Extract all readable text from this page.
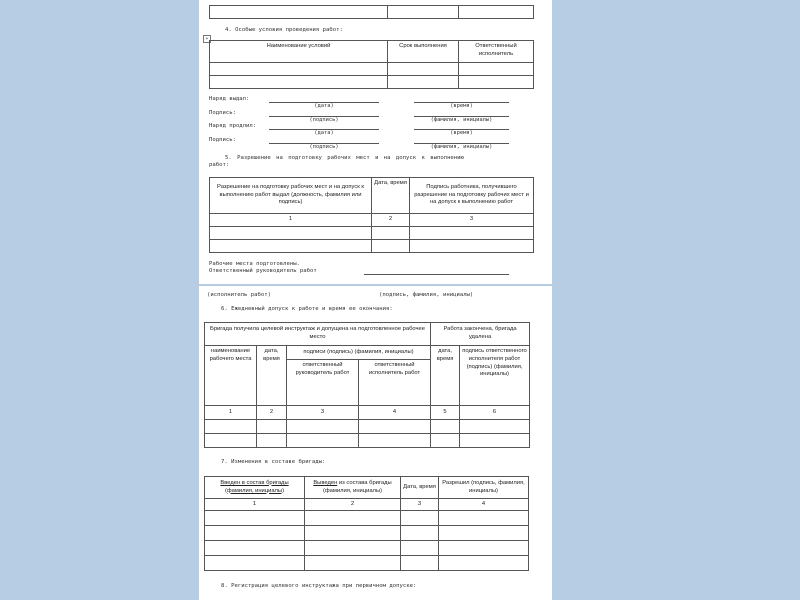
+
4. Особые условия проведения работ:
Наименование условий	Срок выполнения	Ответственный исполнитель

Наряд выдал:
(дата)	(время)
Подпись:
(подпись)	(фамилия, инициалы)
Наряд продлил:
(дата)	(время)
Подпись:
(подпись)	(фамилия, инициалы)
5. Разрешение на подготовку рабочих мест и на допуск к выполнению
работ:
Разрешение на подготовку рабочих мест и на допуск к выполнению работ выдал (должность, фамилия или подпись)	Дата, время	Подпись работника, получившего разрешение на подготовку рабочих мест и на допуск к выполнению работ
1	2	3

Рабочие места подготовлены.
Ответственный руководитель работ
(исполнитель работ)	(подпись, фамилия, инициалы)
6. Ежедневный допуск к работе и время ее окончания:
Бригада получила целевой инструктаж и допущена на подготовленное рабочее место				Работа закончена, бригада удалена	
наименование рабочего места	дата, время	подписи (подпись) (фамилия, инициалы)		дата, время	подпись ответственного исполнителя работ (подпись) (фамилия, инициалы)
		ответственный руководитель работ	ответственный исполнитель работ		
1	2	3	4	5	6

7. Изменения в составе бригады:
Введен в состав бригады (фамилия, инициалы)	Выведен из состава бригады (фамилия, инициалы)	Дата, время	Разрешил (подпись, фамилия, инициалы)
1	2	3	4

8. Регистрация целевого инструктажа при первичном допуске:
